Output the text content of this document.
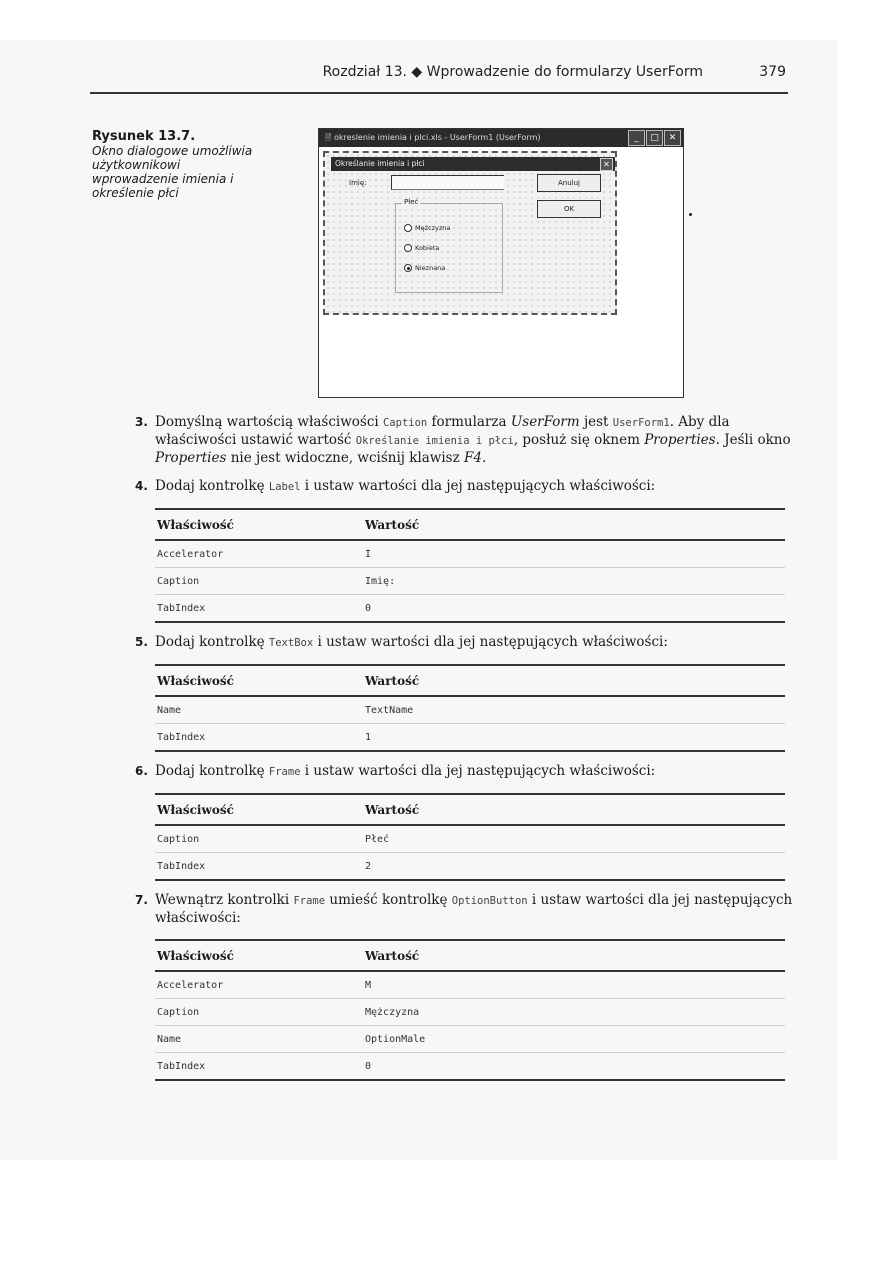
Rozdział 13. ◆ Wprowadzenie do formularzy UserForm	379
Rysunek 13.7.
Okno dialogowe umożliwia użytkownikowi wprowadzenie imienia i określenie płci
🗎 okreslenie imienia i plci.xls - UserForm1 (UserForm)	_	□	✕
Określanie imienia i płci	✕
Imię:	Anuluj
OK
Płeć
Mężczyzna
Kobieta
Nieznana
3. Domyślną wartością właściwości Caption formularza UserForm jest UserForm1. Aby dla właściwości ustawić wartość Określanie imienia i płci, posłuż się oknem Properties. Jeśli okno Properties nie jest widoczne, wciśnij klawisz F4.
4. Dodaj kontrolkę Label i ustaw wartości dla jej następujących właściwości:
Właściwość	Wartość
Accelerator	I
Caption	Imię:
TabIndex	0
5. Dodaj kontrolkę TextBox i ustaw wartości dla jej następujących właściwości:
Właściwość	Wartość
Name	TextName
TabIndex	1
6. Dodaj kontrolkę Frame i ustaw wartości dla jej następujących właściwości:
Właściwość	Wartość
Caption	Płeć
TabIndex	2
7. Wewnątrz kontrolki Frame umieść kontrolkę OptionButton i ustaw wartości dla jej następujących właściwości:
Właściwość	Wartość
Accelerator	M
Caption	Mężczyzna
Name	OptionMale
TabIndex	0
